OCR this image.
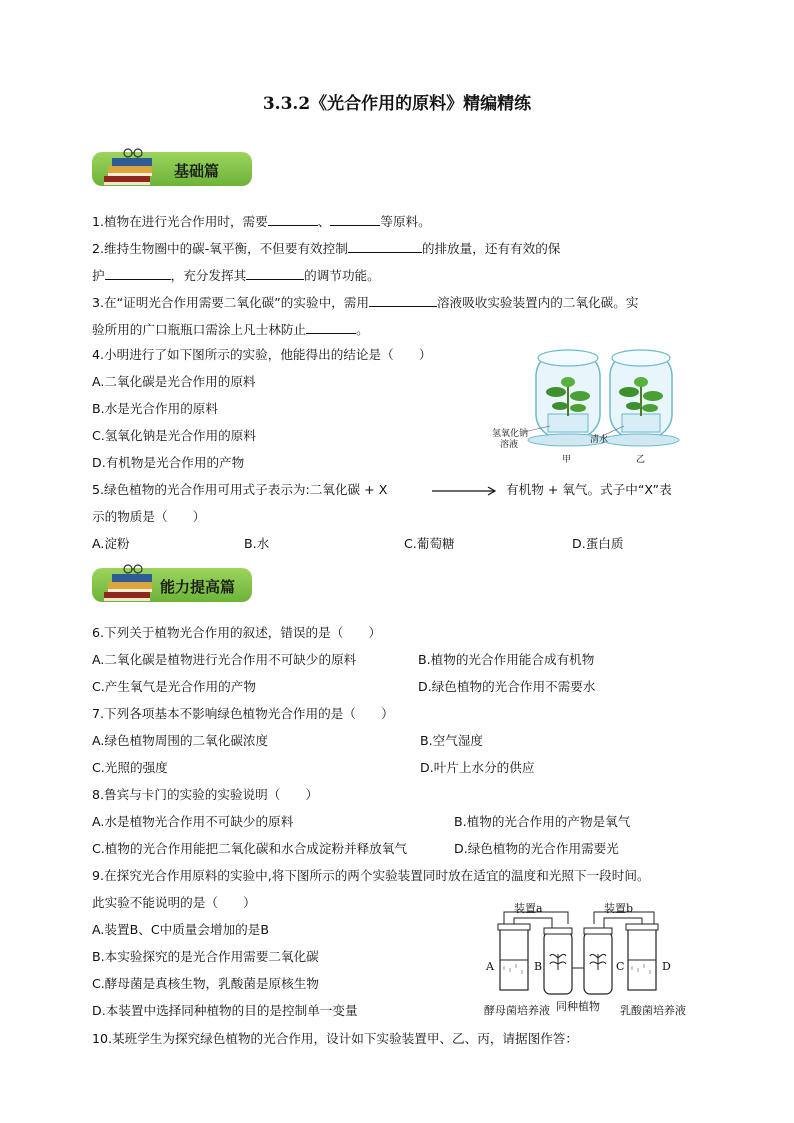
3.3.2《光合作用的原料》精编精练
基础篇
1.植物在进行光合作用时，需要	、	等原料。
2.维持生物圈中的碳-氧平衡，不但要有效控制	的排放量，还有有效的保
护	，充分发挥其	的调节功能。
3.在“证明光合作用需要二氧化碳”的实验中，需用	溶液吸收实验装置内的二氧化碳。实
验所用的广口瓶瓶口需涂上凡士林防止	。
4.小明进行了如下图所示的实验，他能得出的结论是（　　）
A.二氧化碳是光合作用的原料
B.水是光合作用的原料
C.氢氧化钠是光合作用的原料
D.有机物是光合作用的产物
氢氧化钠
溶液	清水
甲	乙
5.绿色植物的光合作用可用式子表示为:二氧化碳 + X	有机物 + 氧气。式子中“X”表
示的物质是（　　）
A.淀粉	B.水	C.葡萄糖	D.蛋白质
能力提高篇
6.下列关于植物光合作用的叙述，错误的是（　　）
A.二氧化碳是植物进行光合作用不可缺少的原料	B.植物的光合作用能合成有机物
C.产生氧气是光合作用的产物	D.绿色植物的光合作用不需要水
7.下列各项基本不影响绿色植物光合作用的是（　　）
A.绿色植物周围的二氧化碳浓度	B.空气湿度
C.光照的强度	D.叶片上水分的供应
8.鲁宾与卡门的实验的实验说明（　　）
A.水是植物光合作用不可缺少的原料	B.植物的光合作用的产物是氧气
C.植物的光合作用能把二氧化碳和水合成淀粉并释放氧气	D.绿色植物的光合作用需要光
9.在探究光合作用原料的实验中,将下图所示的两个实验装置同时放在适宜的温度和光照下一段时间。
此实验不能说明的是（　　）
A.装置B、C中质量会增加的是B
B.本实验探究的是光合作用需要二氧化碳
C.酵母菌是真核生物，乳酸菌是原核生物
D.本装置中选择同种植物的目的是控制单一变量
装置a	装置b
A	B	C	D
酵母菌培养液 同种植物 乳酸菌培养液
10.某班学生为探究绿色植物的光合作用，设计如下实验装置甲、乙、丙，请据图作答：
